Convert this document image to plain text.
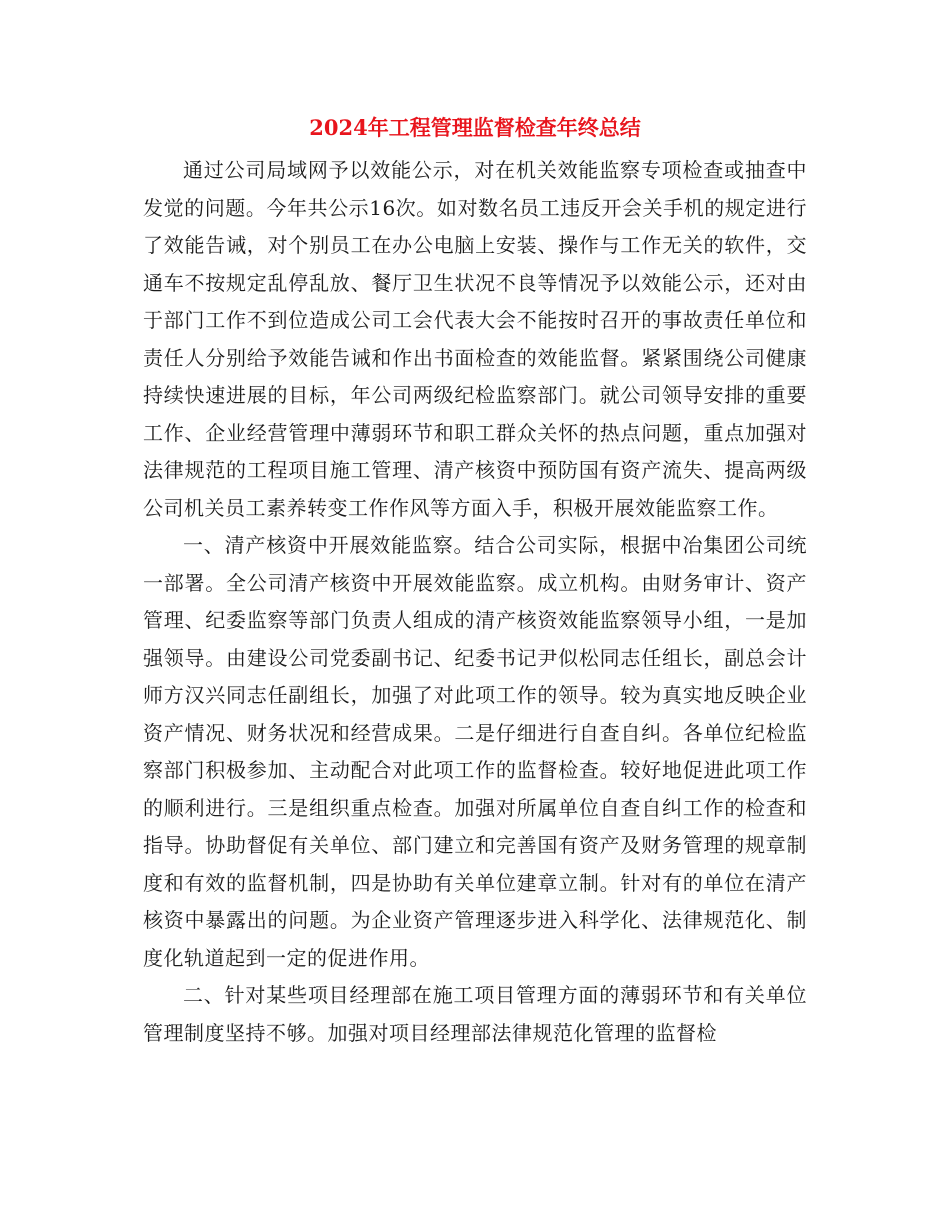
2024年工程管理监督检查年终总结

通过公司局域网予以效能公示，对在机关效能监察专项检查或抽查中发觉的问题。今年共公示16次。如对数名员工违反开会关手机的规定进行了效能告诫，对个别员工在办公电脑上安装、操作与工作无关的软件，交通车不按规定乱停乱放、餐厅卫生状况不良等情况予以效能公示，还对由于部门工作不到位造成公司工会代表大会不能按时召开的事故责任单位和责任人分别给予效能告诫和作出书面检查的效能监督。紧紧围绕公司健康持续快速进展的目标，年公司两级纪检监察部门。就公司领导安排的重要工作、企业经营管理中薄弱环节和职工群众关怀的热点问题，重点加强对法律规范的工程项目施工管理、清产核资中预防国有资产流失、提高两级公司机关员工素养转变工作作风等方面入手，积极开展效能监察工作。

一、清产核资中开展效能监察。结合公司实际，根据中冶集团公司统一部署。全公司清产核资中开展效能监察。成立机构。由财务审计、资产管理、纪委监察等部门负责人组成的清产核资效能监察领导小组，一是加强领导。由建设公司党委副书记、纪委书记尹似松同志任组长，副总会计师方汉兴同志任副组长，加强了对此项工作的领导。较为真实地反映企业资产情况、财务状况和经营成果。二是仔细进行自查自纠。各单位纪检监察部门积极参加、主动配合对此项工作的监督检查。较好地促进此项工作的顺利进行。三是组织重点检查。加强对所属单位自查自纠工作的检查和指导。协助督促有关单位、部门建立和完善国有资产及财务管理的规章制度和有效的监督机制，四是协助有关单位建章立制。针对有的单位在清产核资中暴露出的问题。为企业资产管理逐步进入科学化、法律规范化、制度化轨道起到一定的促进作用。

二、针对某些项目经理部在施工项目管理方面的薄弱环节和有关单位管理制度坚持不够。加强对项目经理部法律规范化管理的监督检
